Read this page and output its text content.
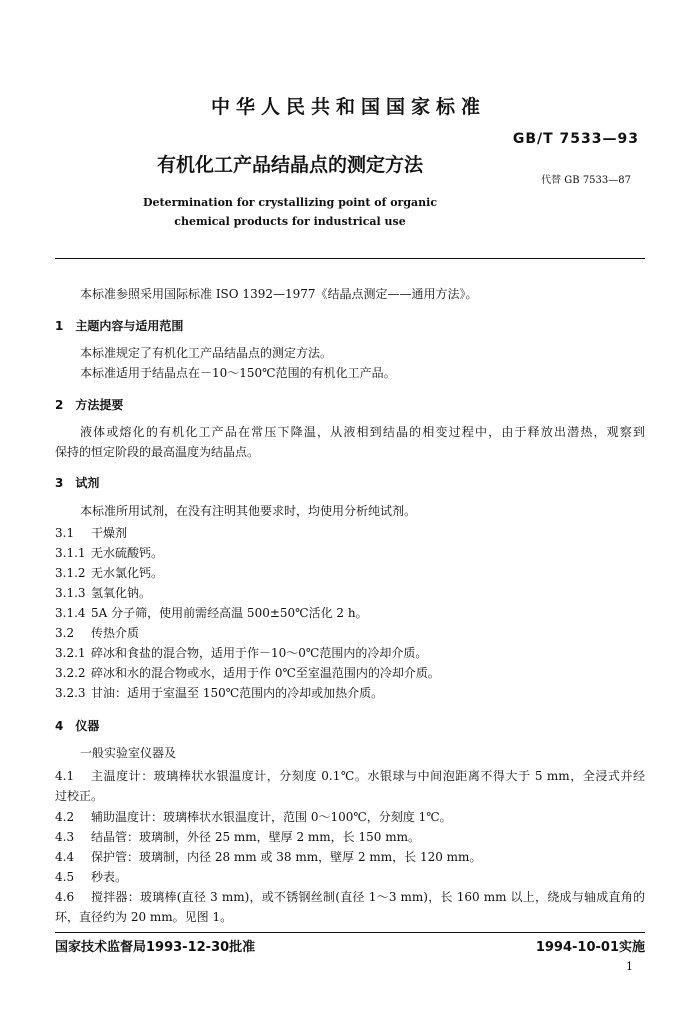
中华人民共和国国家标准
GB/T 7533—93
有机化工产品结晶点的测定方法
代替 GB 7533—87
Determination for crystallizing point of organic
chemical products for industrical use
本标准参照采用国际标准 ISO 1392—1977《结晶点测定——通用方法》。
1　主题内容与适用范围
本标准规定了有机化工产品结晶点的测定方法。
本标准适用于结晶点在－10～150℃范围的有机化工产品。
2　方法提要
液体或熔化的有机化工产品在常压下降温，从液相到结晶的相变过程中，由于释放出潜热，观察到
保持的恒定阶段的最高温度为结晶点。
3　试剂
本标准所用试剂，在没有注明其他要求时，均使用分析纯试剂。
3.1 干燥剂
3.1.1 无水硫酸钙。
3.1.2 无水氯化钙。
3.1.3 氢氧化钠。
3.1.4 5A 分子筛，使用前需经高温 500±50℃活化 2 h。
3.2 传热介质
3.2.1 碎冰和食盐的混合物，适用于作－10～0℃范围内的冷却介质。
3.2.2 碎冰和水的混合物或水，适用于作 0℃至室温范围内的冷却介质。
3.2.3 甘油：适用于室温至 150℃范围内的冷却或加热介质。
4　仪器
一般实验室仪器及
4.1 主温度计：玻璃棒状水银温度计，分刻度 0.1℃。水银球与中间泡距离不得大于 5 mm，全浸式并经
过校正。
4.2 辅助温度计：玻璃棒状水银温度计，范围 0～100℃，分刻度 1℃。
4.3 结晶管：玻璃制，外径 25 mm，壁厚 2 mm，长 150 mm。
4.4 保护管：玻璃制，内径 28 mm 或 38 mm，壁厚 2 mm，长 120 mm。
4.5 秒表。
4.6 搅拌器：玻璃棒(直径 3 mm)，或不锈钢丝制(直径 1～3 mm)，长 160 mm 以上，绕成与轴成直角的
环，直径约为 20 mm。见图 1。
国家技术监督局1993-12-30批准	1994-10-01实施
1
